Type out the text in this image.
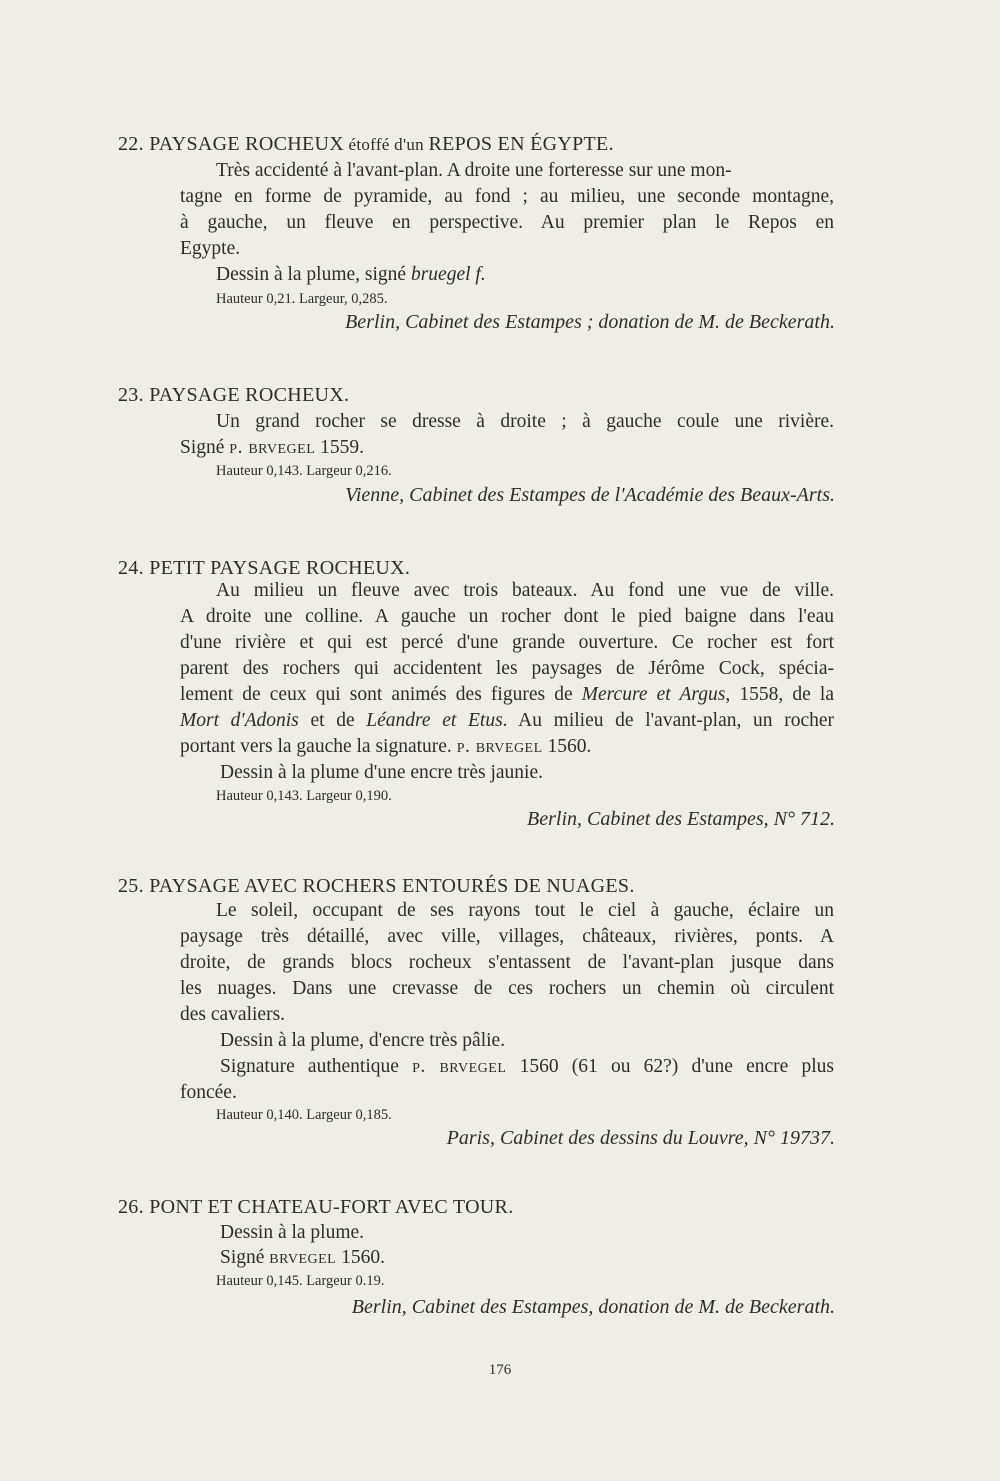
22. PAYSAGE ROCHEUX étoffé d'un REPOS EN ÉGYPTE.
Très accidenté à l'avant-plan. A droite une forteresse sur une mon-
tagne en forme de pyramide, au fond ; au milieu, une seconde montagne,
à gauche, un fleuve en perspective. Au premier plan le Repos en
Egypte.
Dessin à la plume, signé bruegel f.
Hauteur 0,21. Largeur, 0,285.
Berlin, Cabinet des Estampes ; donation de M. de Beckerath.
23. PAYSAGE ROCHEUX.
Un grand rocher se dresse à droite ; à gauche coule une rivière.
Signé p. brvegel 1559.
Hauteur 0,143. Largeur 0,216.
Vienne, Cabinet des Estampes de l'Académie des Beaux-Arts.
24. PETIT PAYSAGE ROCHEUX.
Au milieu un fleuve avec trois bateaux. Au fond une vue de ville.
A droite une colline. A gauche un rocher dont le pied baigne dans l'eau
d'une rivière et qui est percé d'une grande ouverture. Ce rocher est fort
parent des rochers qui accidentent les paysages de Jérôme Cock, spécia-
lement de ceux qui sont animés des figures de Mercure et Argus, 1558, de la
Mort d'Adonis et de Léandre et Etus. Au milieu de l'avant-plan, un rocher
portant vers la gauche la signature. p. brvegel 1560.
Dessin à la plume d'une encre très jaunie.
Hauteur 0,143. Largeur 0,190.
Berlin, Cabinet des Estampes, N° 712.
25. PAYSAGE AVEC ROCHERS ENTOURÉS DE NUAGES.
Le soleil, occupant de ses rayons tout le ciel à gauche, éclaire un
paysage très détaillé, avec ville, villages, châteaux, rivières, ponts. A
droite, de grands blocs rocheux s'entassent de l'avant-plan jusque dans
les nuages. Dans une crevasse de ces rochers un chemin où circulent
des cavaliers.
Dessin à la plume, d'encre très pâlie.
Signature authentique p. brvegel 1560 (61 ou 62?) d'une encre plus
foncée.
Hauteur 0,140. Largeur 0,185.
Paris, Cabinet des dessins du Louvre, N° 19737.
26. PONT ET CHATEAU-FORT AVEC TOUR.
Dessin à la plume.
Signé brvegel 1560.
Hauteur 0,145. Largeur 0.19.
Berlin, Cabinet des Estampes, donation de M. de Beckerath.
176
